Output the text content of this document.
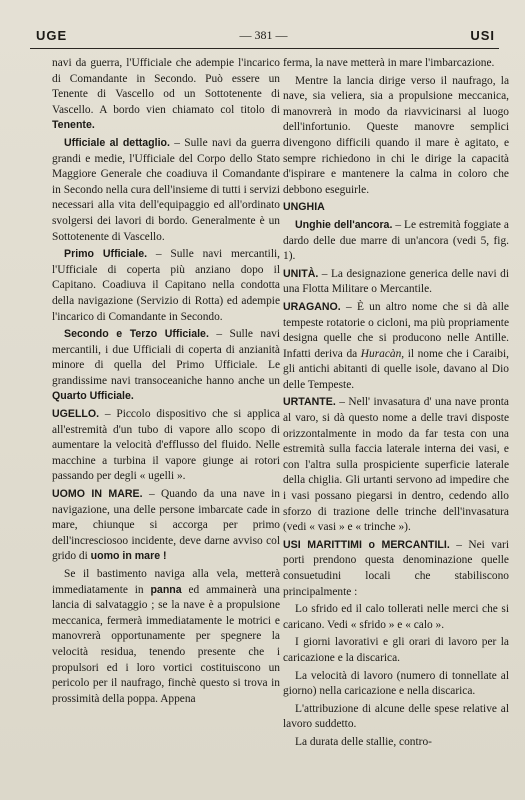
UGE	— 381 —	USI

navi da guerra, l'Ufficiale che adempie l'incarico di Comandante in Secondo. Può essere un Tenente di Vascello od un Sottotenente di Vascello. A bordo vien chiamato col titolo di Tenente.

Ufficiale al dettaglio. – Sulle navi da guerra grandi e medie, l'Ufficiale del Corpo dello Stato Maggiore Generale che coadiuva il Comandante in Secondo nella cura dell'insieme di tutti i servizi necessari alla vita dell'equipaggio ed all'ordinato svolgersi dei lavori di bordo. Generalmente è un Sottotenente di Vascello.

Primo Ufficiale. – Sulle navi mercantili, l'Ufficiale di coperta più anziano dopo il Capitano. Coadiuva il Capitano nella condotta della navigazione (Servizio di Rotta) ed adempie l'incarico di Comandante in Secondo.

Secondo e Terzo Ufficiale. – Sulle navi mercantili, i due Ufficiali di coperta di anzianità minore di quella del Primo Ufficiale. Le grandissime navi transoceaniche hanno anche un Quarto Ufficiale.

UGELLO. – Piccolo dispositivo che si applica all'estremità d'un tubo di vapore allo scopo di aumentare la velocità d'efflusso del fluido. Nelle macchine a turbina il vapore giunge ai rotori passando per degli « ugelli ».

UOMO IN MARE. – Quando da una nave in navigazione, una delle persone imbarcate cade in mare, chiunque si accorga per primo dell'incresciosoo incidente, deve darne avviso col grido di uomo in mare !

Se il bastimento naviga alla vela, metterà immediatamente in panna ed ammainerà una lancia di salvataggio ; se la nave è a propulsione meccanica, fermerà immediatamente le motrici e manovrerà opportunamente per spegnere la velocità residua, tenendo presente che i propulsori ed i loro vortici costituiscono un pericolo per il naufrago, finchè questo si trova in prossimità della poppa. Appena

ferma, la nave metterà in mare l'imbarcazione.

Mentre la lancia dirige verso il naufrago, la nave, sia veliera, sia a propulsione meccanica, manovrerà in modo da riavvicinarsi al luogo dell'infortunio. Queste manovre semplici divengono difficili quando il mare è agitato, e sempre richiedono in chi le dirige la capacità d'ispirare e mantenere la calma in coloro che debbono eseguirle.

UNGHIA

Unghie dell'ancora. – Le estremità foggiate a dardo delle due marre di un'ancora (vedi 5, fig. 1).

UNITÀ. – La designazione generica delle navi di una Flotta Militare o Mercantile.

URAGANO. – È un altro nome che si dà alle tempeste rotatorie o cicloni, ma più propriamente designa quelle che si producono nelle Antille. Infatti deriva da Huracàn, il nome che i Caraibi, gli antichi abitanti di quelle isole, davano al Dio delle Tempeste.

URTANTE. – Nell' invasatura d' una nave pronta al varo, si dà questo nome a delle travi disposte orizzontalmente in modo da far testa con una estremità sulla faccia laterale interna dei vasi, e con l'altra sulla prospiciente superficie laterale della chiglia. Gli urtanti servono ad impedire che i vasi possano piegarsi in dentro, cedendo allo sforzo di trazione delle trinche dell'invasatura (vedi « vasi » e « trinche »).

USI MARITTIMI o MERCANTILI. – Nei vari porti prendono questa denominazione quelle consuetudini locali che stabiliscono principalmente :

Lo sfrido ed il calo tollerati nelle merci che si caricano. Vedi « sfrido » e « calo ».

I giorni lavorativi e gli orari di lavoro per la caricazione e la discarica.

La velocità di lavoro (numero di tonnellate al giorno) nella caricazione e nella discarica.

L'attribuzione di alcune delle spese relative al lavoro suddetto.

La durata delle stallie, contro-
